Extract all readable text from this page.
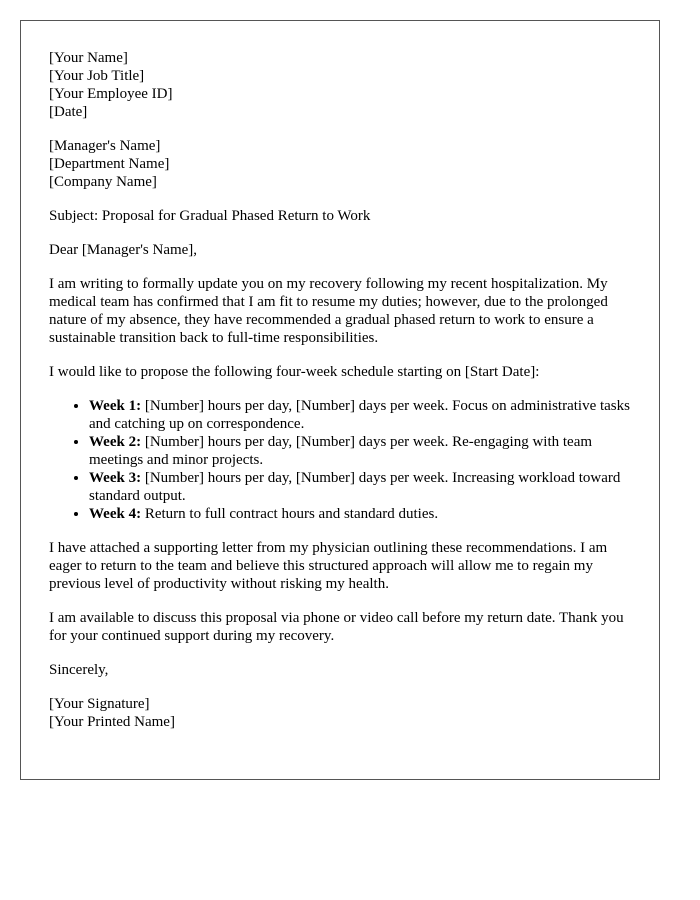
[Your Name]

[Your Job Title]

[Your Employee ID]

[Date]

[Manager's Name]

[Department Name]

[Company Name]

Subject: Proposal for Gradual Phased Return to Work

Dear [Manager's Name],

I am writing to formally update you on my recovery following my recent hospitalization. My medical team has confirmed that I am fit to resume my duties; however, due to the prolonged nature of my absence, they have recommended a gradual phased return to work to ensure a sustainable transition back to full-time responsibilities.

I would like to propose the following four-week schedule starting on [Start Date]:

• Week 1: [Number] hours per day, [Number] days per week. Focus on administrative tasks and catching up on correspondence.
• Week 2: [Number] hours per day, [Number] days per week. Re-engaging with team meetings and minor projects.
• Week 3: [Number] hours per day, [Number] days per week. Increasing workload toward standard output.
• Week 4: Return to full contract hours and standard duties.

I have attached a supporting letter from my physician outlining these recommendations. I am eager to return to the team and believe this structured approach will allow me to regain my previous level of productivity without risking my health.

I am available to discuss this proposal via phone or video call before my return date. Thank you for your continued support during my recovery.

Sincerely,

[Your Signature]

[Your Printed Name]
